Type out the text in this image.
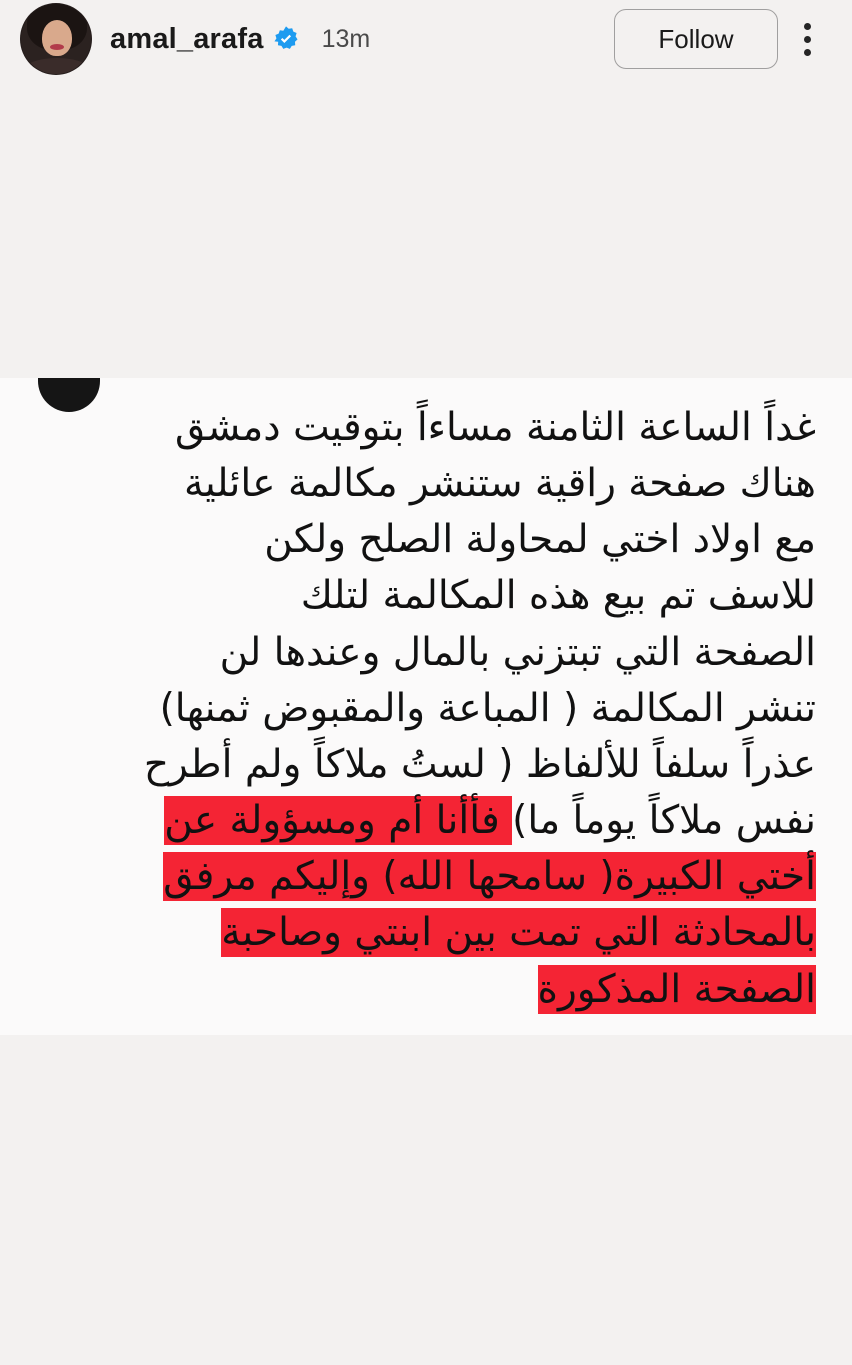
amal_arafa 13m	Follow
غداً الساعة الثامنة مساءاً بتوقيت دمشق
هناك صفحة راقية ستنشر مكالمة عائلية
مع اولاد اختي لمحاولة الصلح ولكن
للاسف تم بيع هذه المكالمة لتلك
الصفحة التي تبتزني بالمال وعندها لن
تنشر المكالمة ( المباعة والمقبوض ثمنها)
عذراً سلفاً للألفاظ ( لستُ ملاكاً ولم أطرح
نفس ملاكاً يوماً ما) فأأنا أم ومسؤولة عن
أختي الكبيرة( سامحها الله) وإليكم مرفق
بالمحادثة التي تمت بين ابنتي وصاحبة
الصفحة المذكورة
